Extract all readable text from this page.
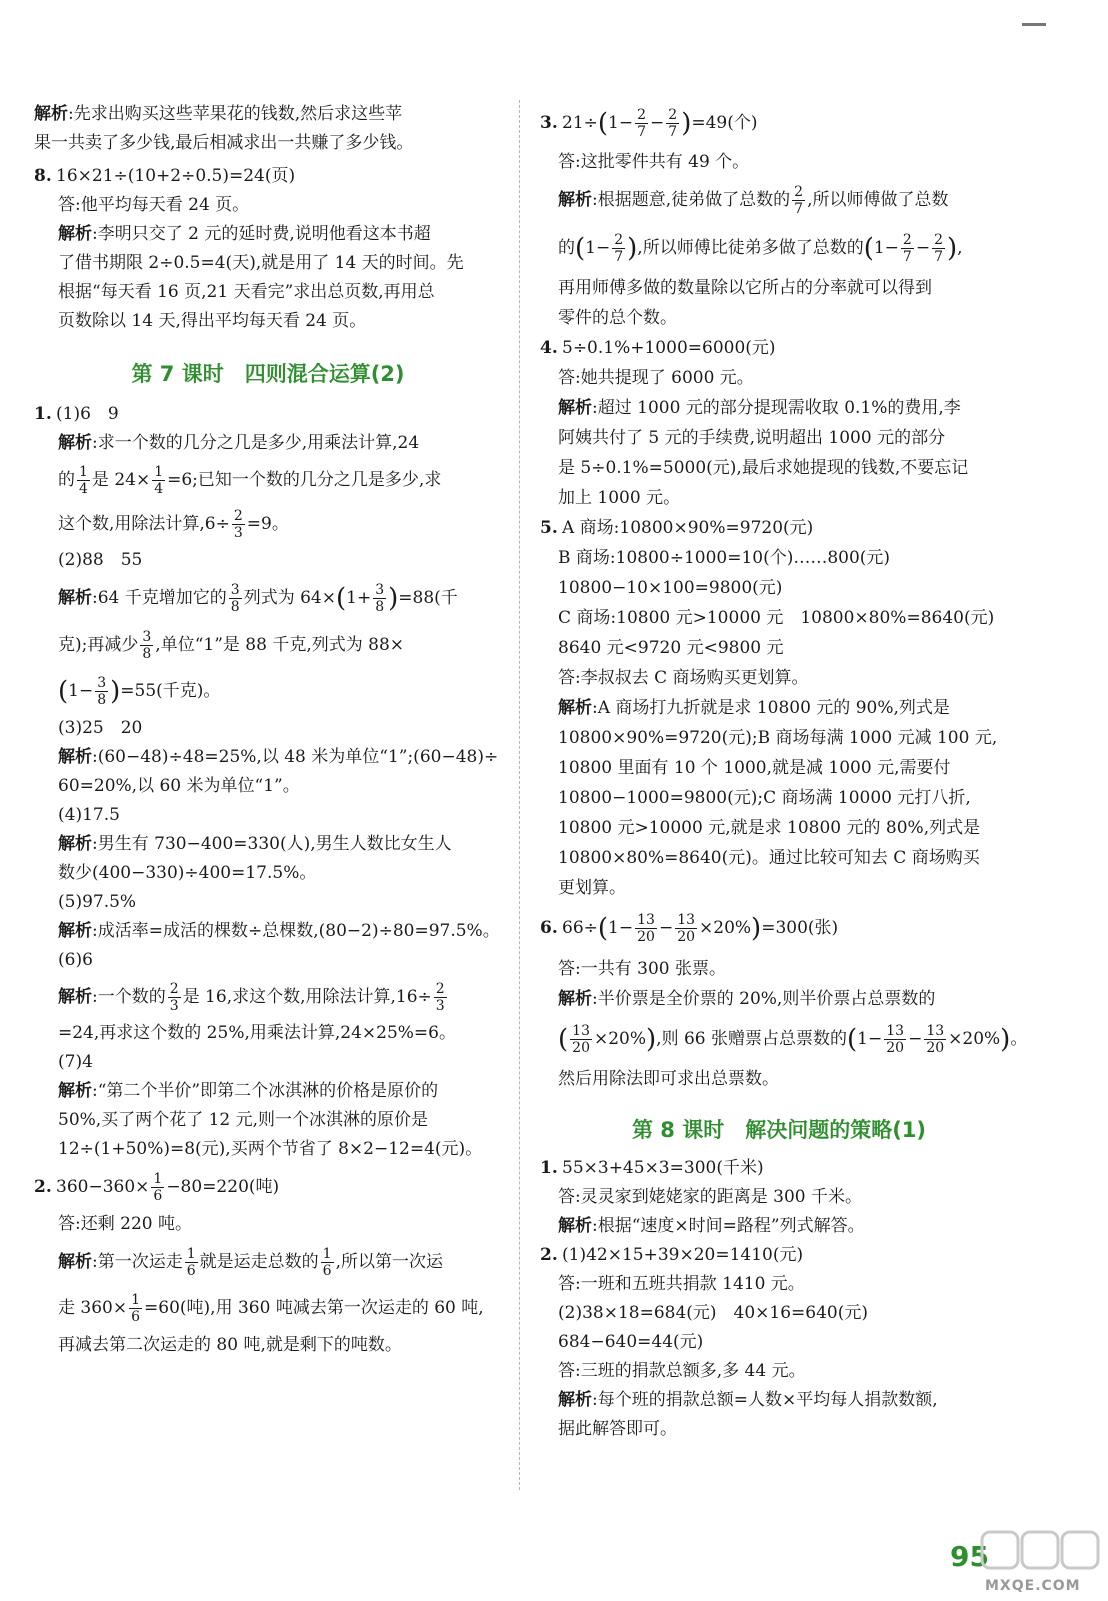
解析:先求出购买这些苹果花的钱数,然后求这些苹
果一共卖了多少钱,最后相减求出一共赚了多少钱。
8. 16×21÷(10+2÷0.5)=24(页)
答:他平均每天看 24 页。
解析:李明只交了 2 元的延时费,说明他看这本书超
了借书期限 2÷0.5=4(天),就是用了 14 天的时间。先
根据“每天看 16 页,21 天看完”求出总页数,再用总
页数除以 14 天,得出平均每天看 24 页。
第 7 课时　四则混合运算(2)
1. (1)6　9
解析:求一个数的几分之几是多少,用乘法计算,24
的 $\frac{1}{4}$ 是 $24\times \frac{1}{4} =6$;已知一个数的几分之几是多少,求
这个数,用除法计算$,6\div \frac{2}{3} =9$。
(2)88　55
解析:64 千克增加它的 $\frac{3}{8}$ 列式为 $64\times(1+ \frac{3}{8} )=88$(千
克);再减少 $\frac{3}{8}$ ,单位“1”是 88 千克,列式为 88×
$(1- \frac{3}{8} )=55$(千克)。
(3)25　20
解析:(60−48)÷48=25%,以 48 米为单位“1”;(60−48)÷
60=20%,以 60 米为单位“1”。
(4)17.5
解析:男生有 730−400=330(人),男生人数比女生人
数少(400−330)÷400=17.5%。
(5)97.5%
解析:成活率=成活的棵数÷总棵数,(80−2)÷80=97.5%。
(6)6
解析:一个数的 $\frac{2}{3}$ 是 16,求这个数,用除法计算$,16\div \frac{2}{3}$
=24,再求这个数的 25%,用乘法计算,24×25%=6。
(7)4
解析:“第二个半价”即第二个冰淇淋的价格是原价的
50%,买了两个花了 12 元,则一个冰淇淋的原价是
12÷(1+50%)=8(元),买两个节省了 8×2−12=4(元)。
2. $360-360\times \frac{1}{6} -80=220$(吨)
答:还剩 220 吨。
解析:第一次运走 $\frac{1}{6}$ 就是运走总数的 $\frac{1}{6}$ ,所以第一次运
走 $360\times \frac{1}{6} =60$(吨),用 360 吨减去第一次运走的 60 吨,
再减去第二次运走的 80 吨,就是剩下的吨数。
3. $21\div(1- \frac{2}{7} - \frac{2}{7} )=49$(个)
答:这批零件共有 49 个。
解析:根据题意,徒弟做了总数的 $\frac{2}{7}$ ,所以师傅做了总数
的($1- \frac{2}{7}$ ),所以师傅比徒弟多做了总数的($1- \frac{2}{7} - \frac{2}{7}$ ),
再用师傅多做的数量除以它所占的分率就可以得到
零件的总个数。
4. 5÷0.1%+1000=6000(元)
答:她共提现了 6000 元。
解析:超过 1000 元的部分提现需收取 0.1%的费用,李
阿姨共付了 5 元的手续费,说明超出 1000 元的部分
是 5÷0.1%=5000(元),最后求她提现的钱数,不要忘记
加上 1000 元。
5. A 商场:10800×90%=9720(元)
B 商场:10800÷1000=10(个)……800(元)
10800−10×100=9800(元)
C 商场:10800 元>10000 元　10800×80%=8640(元)
8640 元<9720 元<9800 元
答:李叔叔去 C 商场购买更划算。
解析:A 商场打九折就是求 10800 元的 90%,列式是
10800×90%=9720(元);B 商场每满 1000 元减 100 元,
10800 里面有 10 个 1000,就是减 1000 元,需要付
10800−1000=9800(元);C 商场满 10000 元打八折,
10800 元>10000 元,就是求 10800 元的 80%,列式是
10800×80%=8640(元)。通过比较可知去 C 商场购买
更划算。
6. $66\div(1- \frac{13}{20} - \frac{13}{20} \times 20\%)=300$(张)
答:一共有 300 张票。
解析:半价票是全价票的 20%,则半价票占总票数的
( $\frac{13}{20} \times 20\%$),则 66 张赠票占总票数的$(1- \frac{13}{20} - \frac{13}{20} \times 20\%)$。
然后用除法即可求出总票数。
第 8 课时　解决问题的策略(1)
1. 55×3+45×3=300(千米)
答:灵灵家到姥姥家的距离是 300 千米。
解析:根据“速度×时间=路程”列式解答。
2. (1)42×15+39×20=1410(元)
答:一班和五班共捐款 1410 元。
(2)38×18=684(元)　40×16=640(元)
684−640=44(元)
答:三班的捐款总额多,多 44 元。
解析:每个班的捐款总额=人数×平均每人捐款数额,
据此解答即可。
95
MXQE.COM
